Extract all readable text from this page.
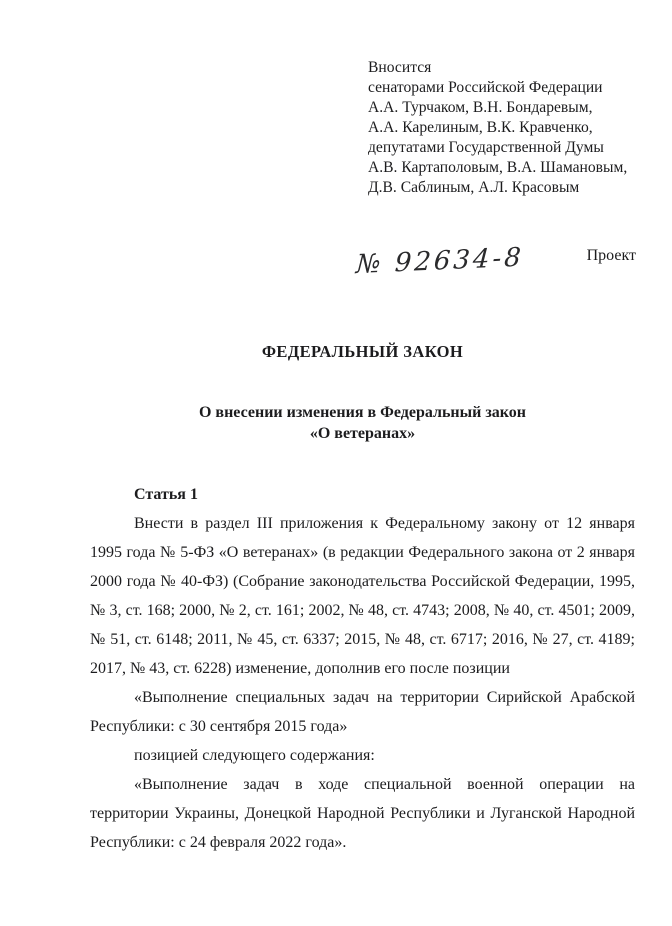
Вносится
сенаторами Российской Федерации
А.А. Турчаком, В.Н. Бондаревым,
А.А. Карелиным, В.К. Кравченко,
депутатами Государственной Думы
А.В. Картаполовым, В.А. Шамановым,
Д.В. Саблиным, А.Л. Красовым
Проект
№ 92634-8
ФЕДЕРАЛЬНЫЙ ЗАКОН
О внесении изменения в Федеральный закон
«О ветеранах»

Статья 1

Внести в раздел III приложения к Федеральному закону от 12 января 1995 года № 5-ФЗ «О ветеранах» (в редакции Федерального закона от 2 января 2000 года № 40-ФЗ) (Собрание законодательства Российской Федерации, 1995, № 3, ст. 168; 2000, № 2, ст. 161; 2002, № 48, ст. 4743; 2008, № 40, ст. 4501; 2009, № 51, ст. 6148; 2011, № 45, ст. 6337; 2015, № 48, ст. 6717; 2016, № 27, ст. 4189; 2017, № 43, ст. 6228) изменение, дополнив его после позиции

«Выполнение специальных задач на территории Сирийской Арабской Республики: с 30 сентября 2015 года»

позицией следующего содержания:

«Выполнение задач в ходе специальной военной операции на территории Украины, Донецкой Народной Республики и Луганской Народной Республики: с 24 февраля 2022 года».
